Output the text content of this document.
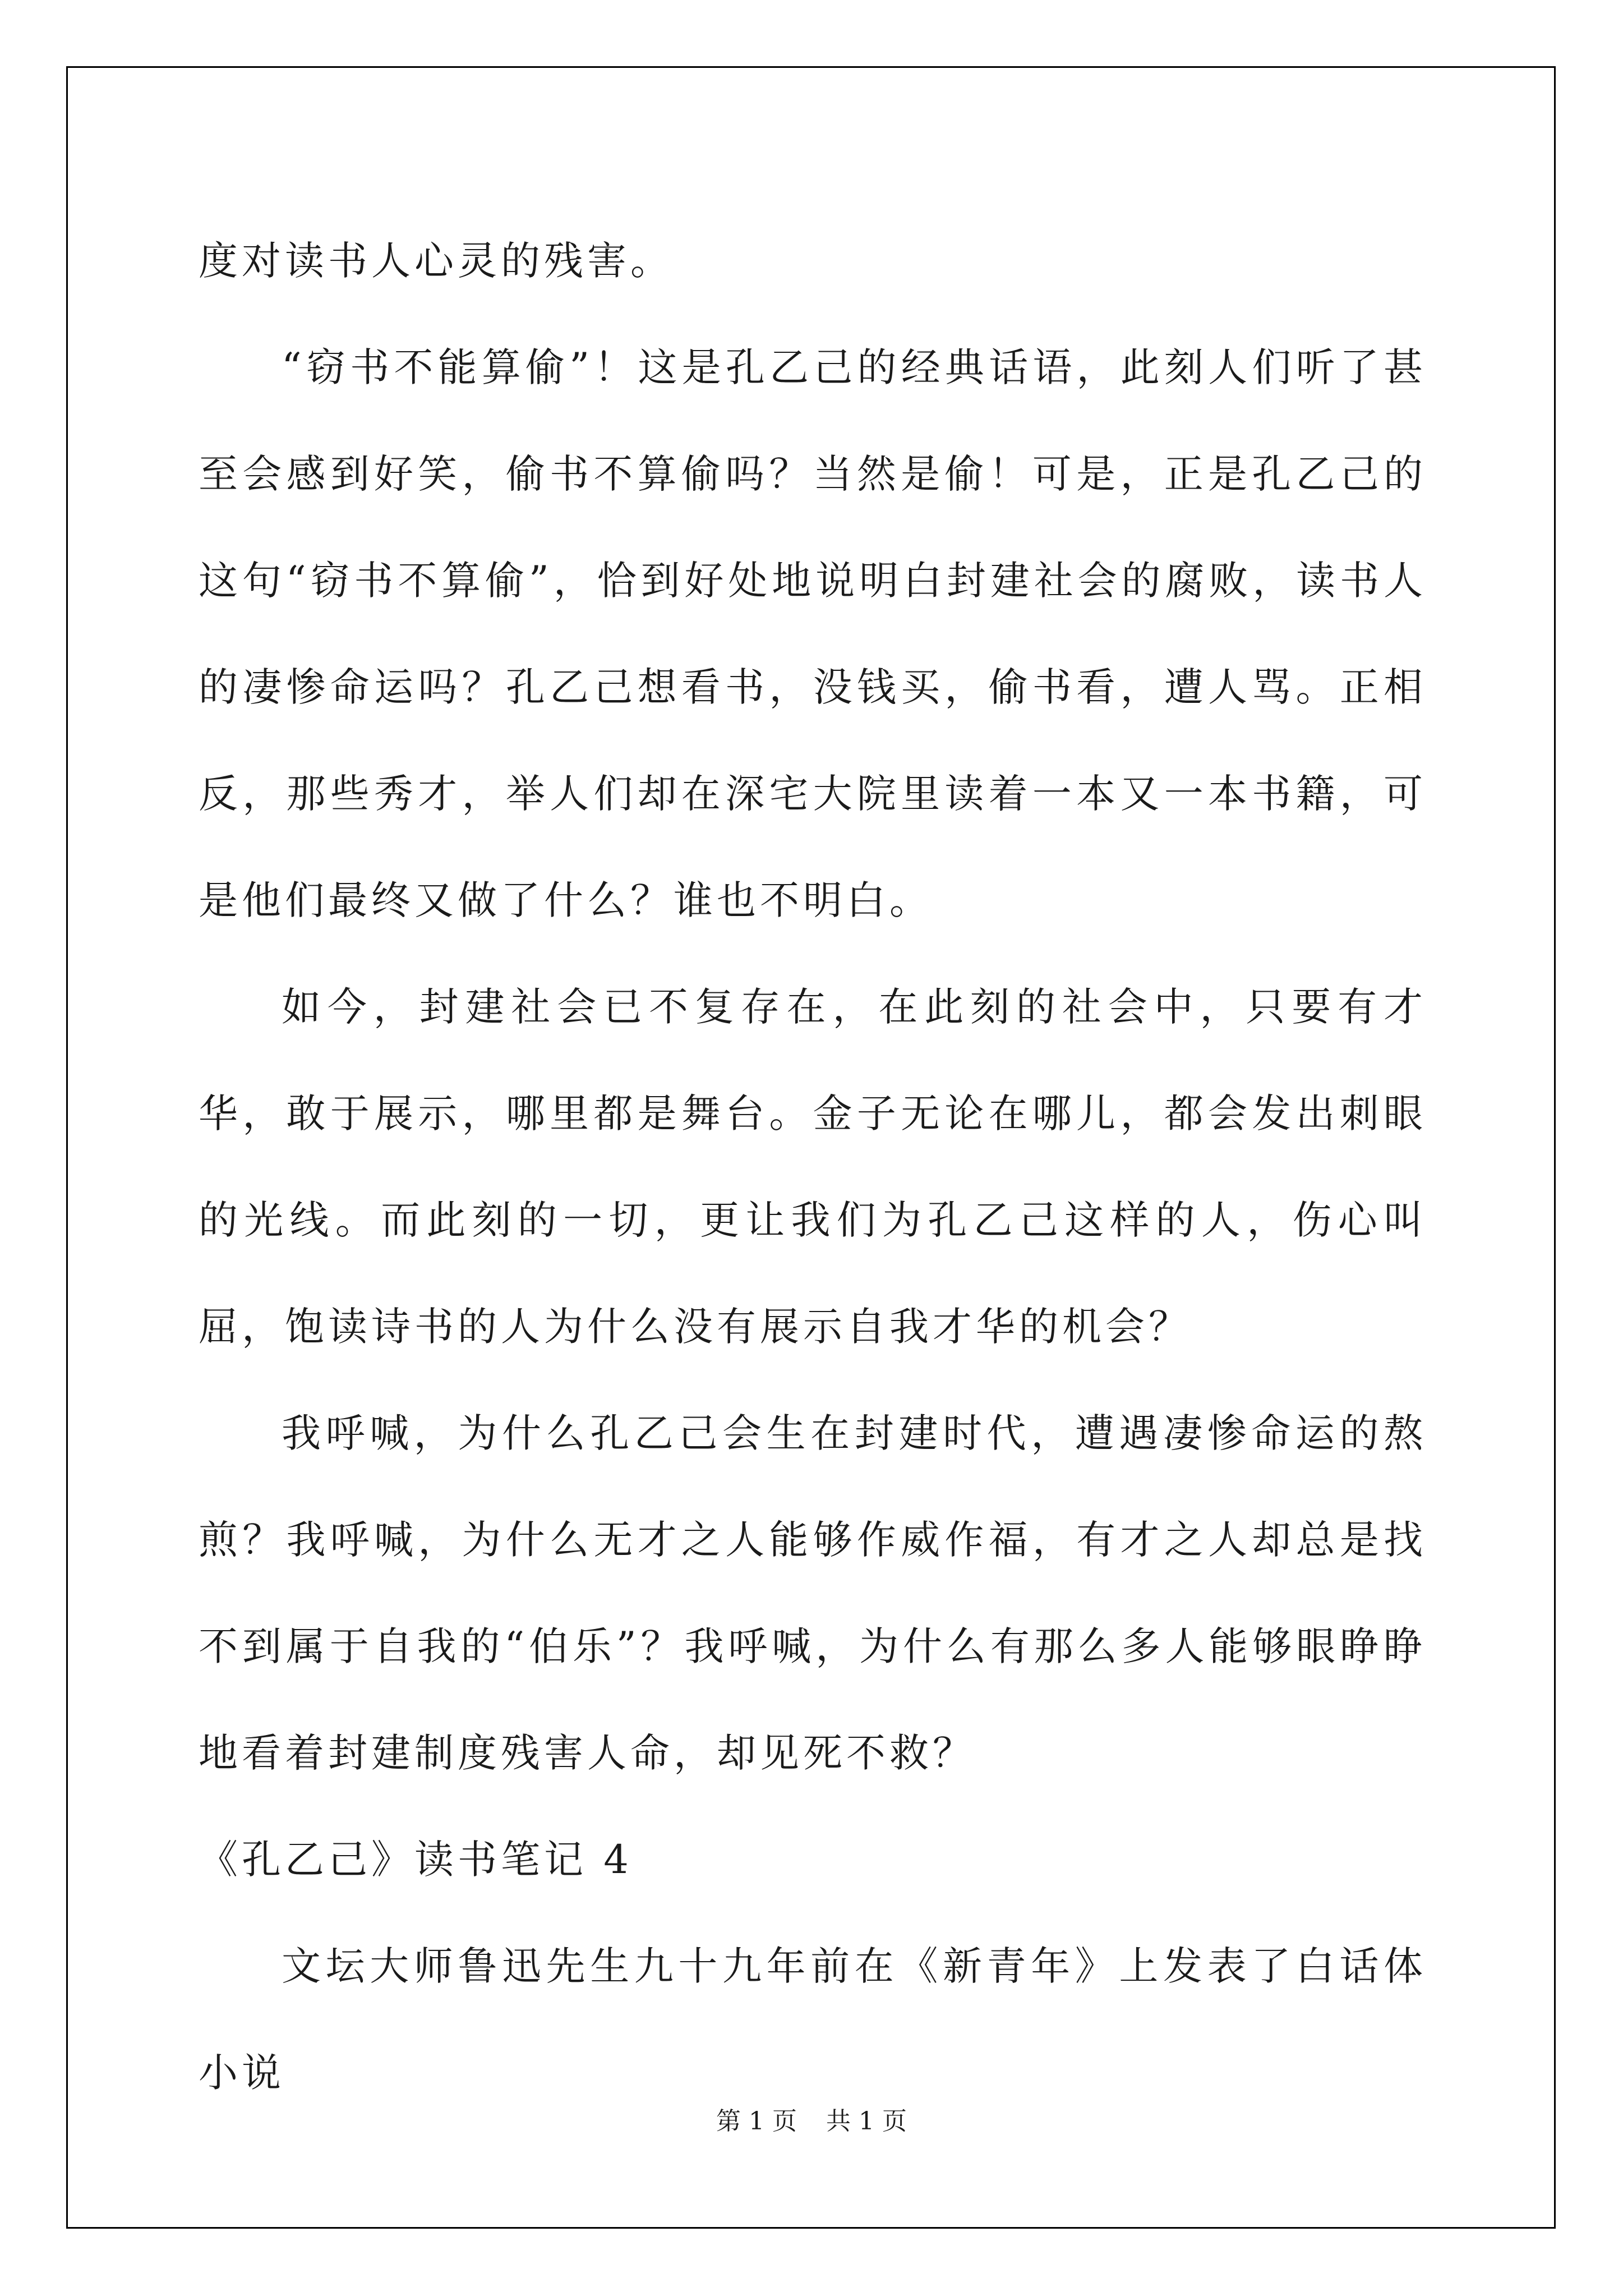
度对读书人心灵的残害。

“窃书不能算偷”！这是孔乙己的经典话语，此刻人们听了甚至会感到好笑，偷书不算偷吗？当然是偷！可是，正是孔乙己的这句“窃书不算偷”，恰到好处地说明白封建社会的腐败，读书人的凄惨命运吗？孔乙己想看书，没钱买，偷书看，遭人骂。正相反，那些秀才，举人们却在深宅大院里读着一本又一本书籍，可是他们最终又做了什么？谁也不明白。

如今，封建社会已不复存在，在此刻的社会中，只要有才华，敢于展示，哪里都是舞台。金子无论在哪儿，都会发出刺眼的光线。而此刻的一切，更让我们为孔乙己这样的人，伤心叫屈，饱读诗书的人为什么没有展示自我才华的机会？

我呼喊，为什么孔乙己会生在封建时代，遭遇凄惨命运的熬煎？我呼喊，为什么无才之人能够作威作福，有才之人却总是找不到属于自我的“伯乐”？我呼喊，为什么有那么多人能够眼睁睁地看着封建制度残害人命，却见死不救？

《孔乙己》读书笔记 4

文坛大师鲁迅先生九十九年前在《新青年》上发表了白话体小说

第 1 页 共 1 页
